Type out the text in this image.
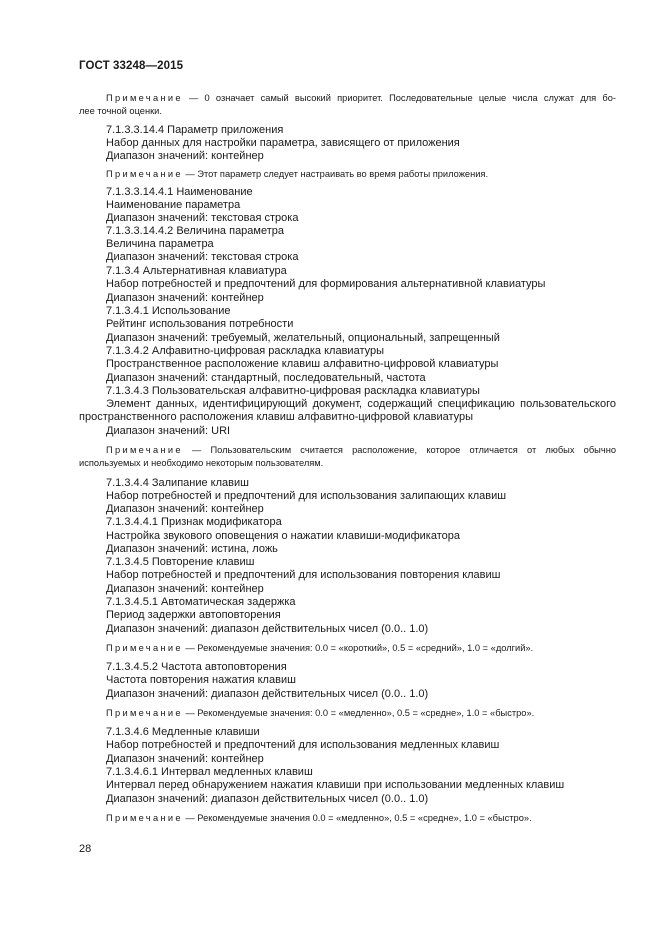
ГОСТ 33248—2015
Примечание — 0 означает самый высокий приоритет. Последовательные целые числа служат для бо-
лее точной оценки.
7.1.3.3.14.4 Параметр приложения
Набор данных для настройки параметра, зависящего от приложения
Диапазон значений: контейнер
Примечание — Этот параметр следует настраивать во время работы приложения.
7.1.3.3.14.4.1 Наименование
Наименование параметра
Диапазон значений: текстовая строка
7.1.3.3.14.4.2 Величина параметра
Величина параметра
Диапазон значений: текстовая строка
7.1.3.4 Альтернативная клавиатура
Набор потребностей и предпочтений для формирования альтернативной клавиатуры
Диапазон значений: контейнер
7.1.3.4.1 Использование
Рейтинг использования потребности
Диапазон значений: требуемый, желательный, опциональный, запрещенный
7.1.3.4.2 Алфавитно-цифровая раскладка клавиатуры
Пространственное расположение клавиш алфавитно-цифровой клавиатуры
Диапазон значений: стандартный, последовательный, частота
7.1.3.4.3 Пользовательская алфавитно-цифровая раскладка клавиатуры
Элемент данных, идентифицирующий документ, содержащий спецификацию пользовательского
пространственного расположения клавиш алфавитно-цифровой клавиатуры
Диапазон значений: URI
Примечание — Пользовательским считается расположение, которое отличается от любых обычно
используемых и необходимо некоторым пользователям.
7.1.3.4.4 Залипание клавиш
Набор потребностей и предпочтений для использования залипающих клавиш
Диапазон значений: контейнер
7.1.3.4.4.1 Признак модификатора
Настройка звукового оповещения о нажатии клавиши-модификатора
Диапазон значений: истина, ложь
7.1.3.4.5 Повторение клавиш
Набор потребностей и предпочтений для использования повторения клавиш
Диапазон значений: контейнер
7.1.3.4.5.1 Автоматическая задержка
Период задержки автоповторения
Диапазон значений: диапазон действительных чисел (0.0.. 1.0)
Примечание — Рекомендуемые значения: 0.0 = «короткий», 0.5 = «средний», 1.0 = «долгий».
7.1.3.4.5.2 Частота автоповторения
Частота повторения нажатия клавиш
Диапазон значений: диапазон действительных чисел (0.0.. 1.0)
Примечание — Рекомендуемые значения: 0.0 = «медленно», 0.5 = «средне», 1.0 = «быстро».
7.1.3.4.6 Медленные клавиши
Набор потребностей и предпочтений для использования медленных клавиш
Диапазон значений: контейнер
7.1.3.4.6.1 Интервал медленных клавиш
Интервал перед обнаружением нажатия клавиши при использовании медленных клавиш
Диапазон значений: диапазон действительных чисел (0.0.. 1.0)
Примечание — Рекомендуемые значения 0.0 = «медленно», 0.5 = «средне», 1.0 = «быстро».
28
